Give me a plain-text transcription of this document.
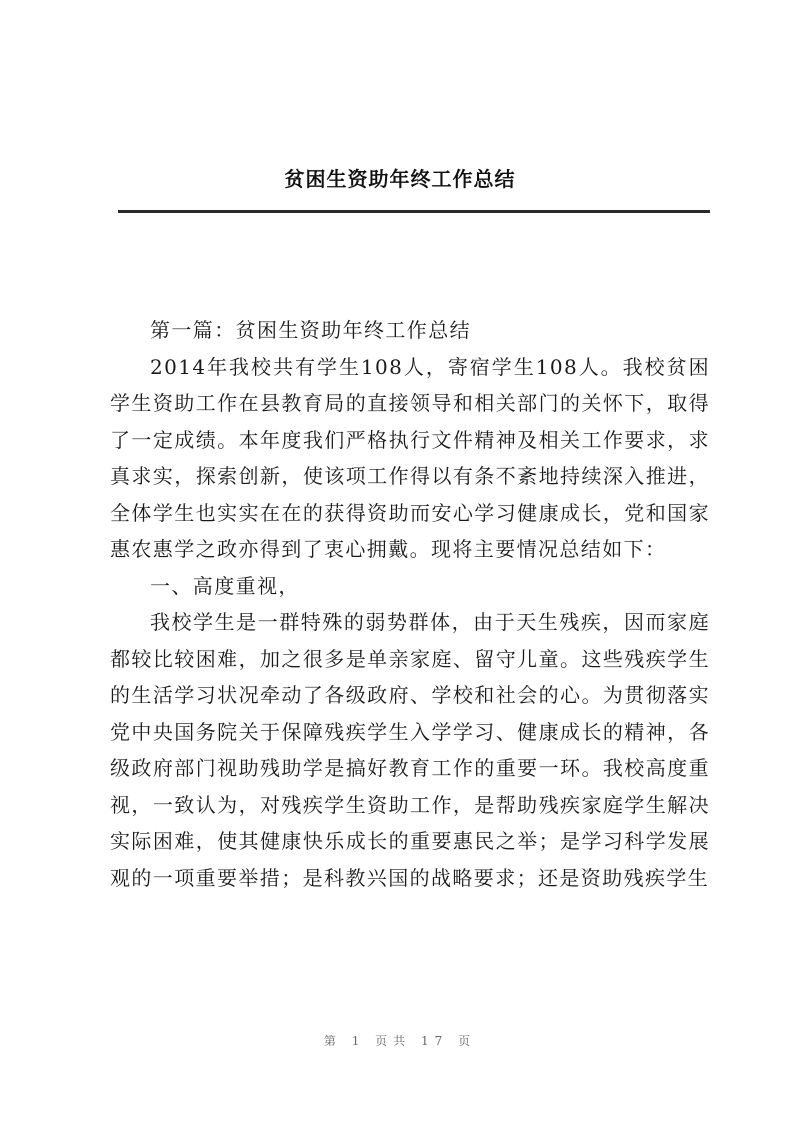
贫困生资助年终工作总结

第一篇：贫困生资助年终工作总结

2014年我校共有学生108人，寄宿学生108人。我校贫困学生资助工作在县教育局的直接领导和相关部门的关怀下，取得了一定成绩。本年度我们严格执行文件精神及相关工作要求，求真求实，探索创新，使该项工作得以有条不紊地持续深入推进，全体学生也实实在在的获得资助而安心学习健康成长，党和国家惠农惠学之政亦得到了衷心拥戴。现将主要情况总结如下：

一、高度重视，

我校学生是一群特殊的弱势群体，由于天生残疾，因而家庭都较比较困难，加之很多是单亲家庭、留守儿童。这些残疾学生的生活学习状况牵动了各级政府、学校和社会的心。为贯彻落实党中央国务院关于保障残疾学生入学学习、健康成长的精神，各级政府部门视助残助学是搞好教育工作的重要一环。我校高度重视，一致认为，对残疾学生资助工作，是帮助残疾家庭学生解决实际困难，使其健康快乐成长的重要惠民之举；是学习科学发展观的一项重要举措；是科教兴国的战略要求；还是资助残疾学生

第 1 页共 17 页
